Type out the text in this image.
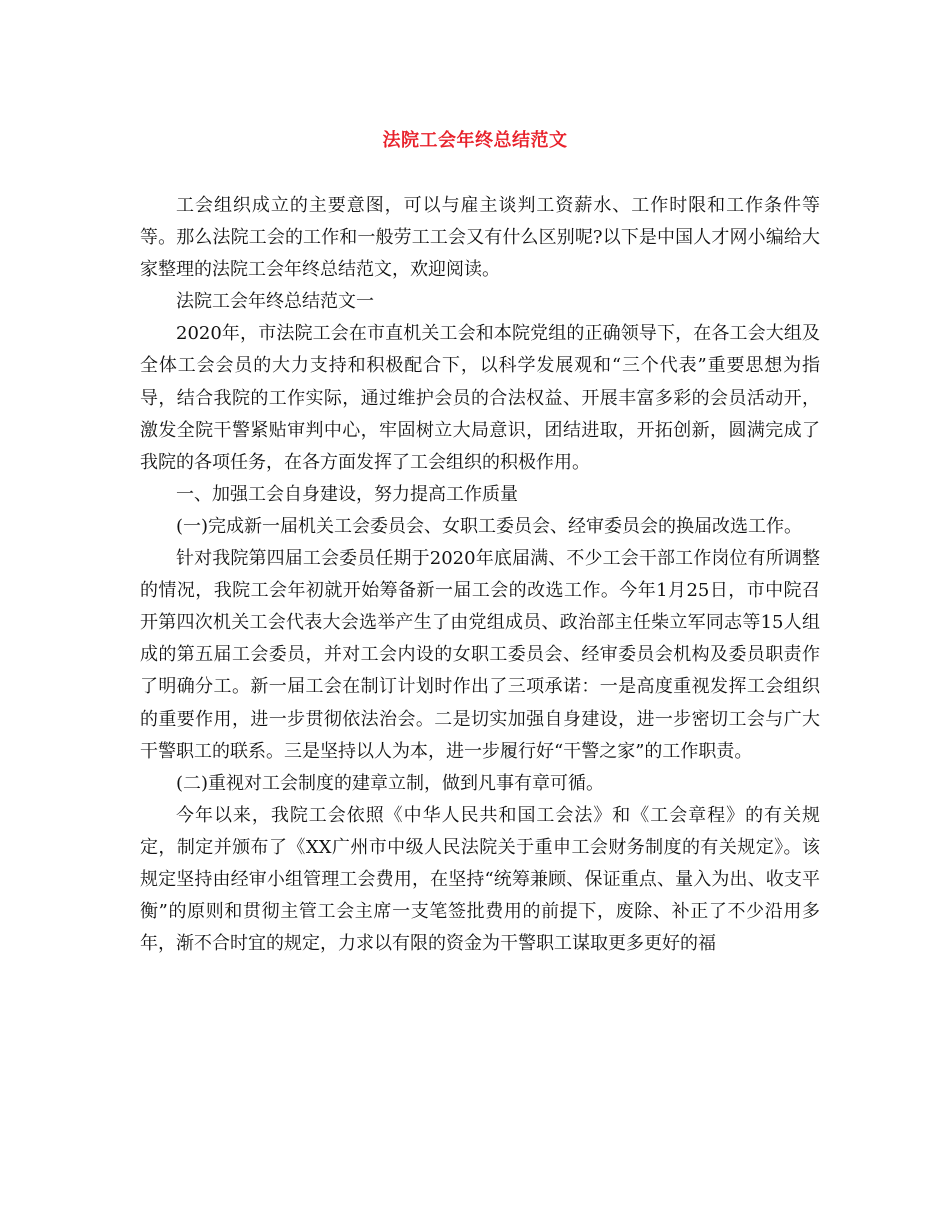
法院工会年终总结范文

工会组织成立的主要意图，可以与雇主谈判工资薪水、工作时限和工作条件等等。那么法院工会的工作和一般劳工工会又有什么区别呢?以下是中国人才网小编给大家整理的法院工会年终总结范文，欢迎阅读。

法院工会年终总结范文一

2020年，市法院工会在市直机关工会和本院党组的正确领导下，在各工会大组及全体工会会员的大力支持和积极配合下，以科学发展观和“三个代表”重要思想为指导，结合我院的工作实际，通过维护会员的合法权益、开展丰富多彩的会员活动开，激发全院干警紧贴审判中心，牢固树立大局意识，团结进取，开拓创新，圆满完成了我院的各项任务，在各方面发挥了工会组织的积极作用。

一、加强工会自身建设，努力提高工作质量

(一)完成新一届机关工会委员会、女职工委员会、经审委员会的换届改选工作。

针对我院第四届工会委员任期于2020年底届满、不少工会干部工作岗位有所调整的情况，我院工会年初就开始筹备新一届工会的改选工作。今年1月25日，市中院召开第四次机关工会代表大会选举产生了由党组成员、政治部主任柴立军同志等15人组成的第五届工会委员，并对工会内设的女职工委员会、经审委员会机构及委员职责作了明确分工。新一届工会在制订计划时作出了三项承诺：一是高度重视发挥工会组织的重要作用，进一步贯彻依法治会。二是切实加强自身建设，进一步密切工会与广大干警职工的联系。三是坚持以人为本，进一步履行好“干警之家”的工作职责。

(二)重视对工会制度的建章立制，做到凡事有章可循。

今年以来，我院工会依照《中华人民共和国工会法》和《工会章程》的有关规定，制定并颁布了《XX广州市中级人民法院关于重申工会财务制度的有关规定》。该规定坚持由经审小组管理工会费用，在坚持“统筹兼顾、保证重点、量入为出、收支平衡”的原则和贯彻主管工会主席一支笔签批费用的前提下，废除、补正了不少沿用多年，渐不合时宜的规定，力求以有限的资金为干警职工谋取更多更好的福
